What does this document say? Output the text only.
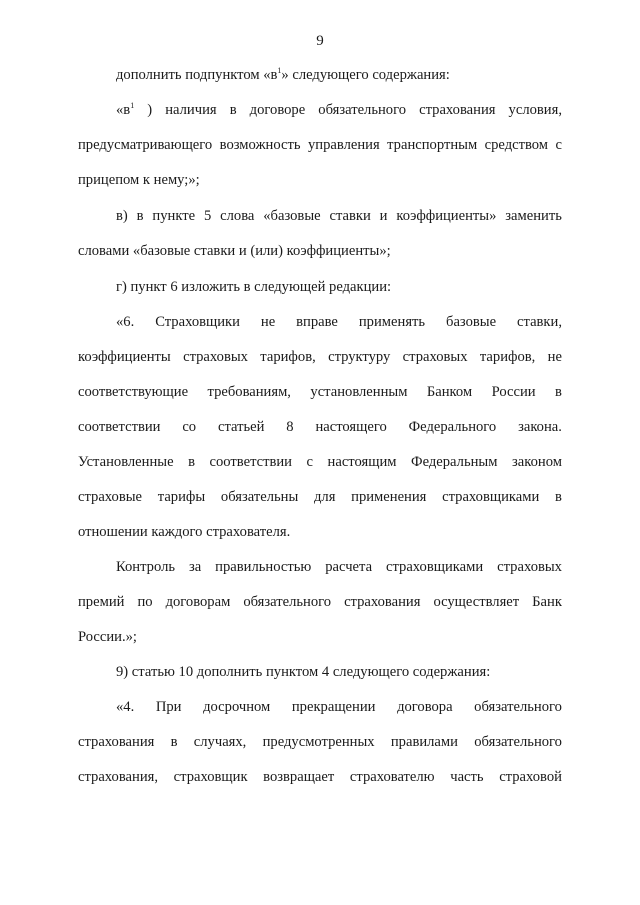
9
дополнить подпунктом «$в^1$» следующего содержания:
«$в^1$ ) наличия в договоре обязательного страхования условия,
предусматривающего возможность управления транспортным средством с
прицепом к нему;»;
в) в пункте 5 слова «базовые ставки и коэффициенты» заменить
словами «базовые ставки и (или) коэффициенты»;
г) пункт 6 изложить в следующей редакции:
«6. Страховщики не вправе применять базовые ставки,
коэффициенты страховых тарифов, структуру страховых тарифов, не
соответствующие требованиям, установленным Банком России в
соответствии со статьей 8 настоящего Федерального закона.
Установленные в соответствии с настоящим Федеральным законом
страховые тарифы обязательны для применения страховщиками в
отношении каждого страхователя.
Контроль за правильностью расчета страховщиками страховых
премий по договорам обязательного страхования осуществляет Банк
России.»;
9) статью 10 дополнить пунктом 4 следующего содержания:
«4. При досрочном прекращении договора обязательного
страхования в случаях, предусмотренных правилами обязательного
страхования, страховщик возвращает страхователю часть страховой
